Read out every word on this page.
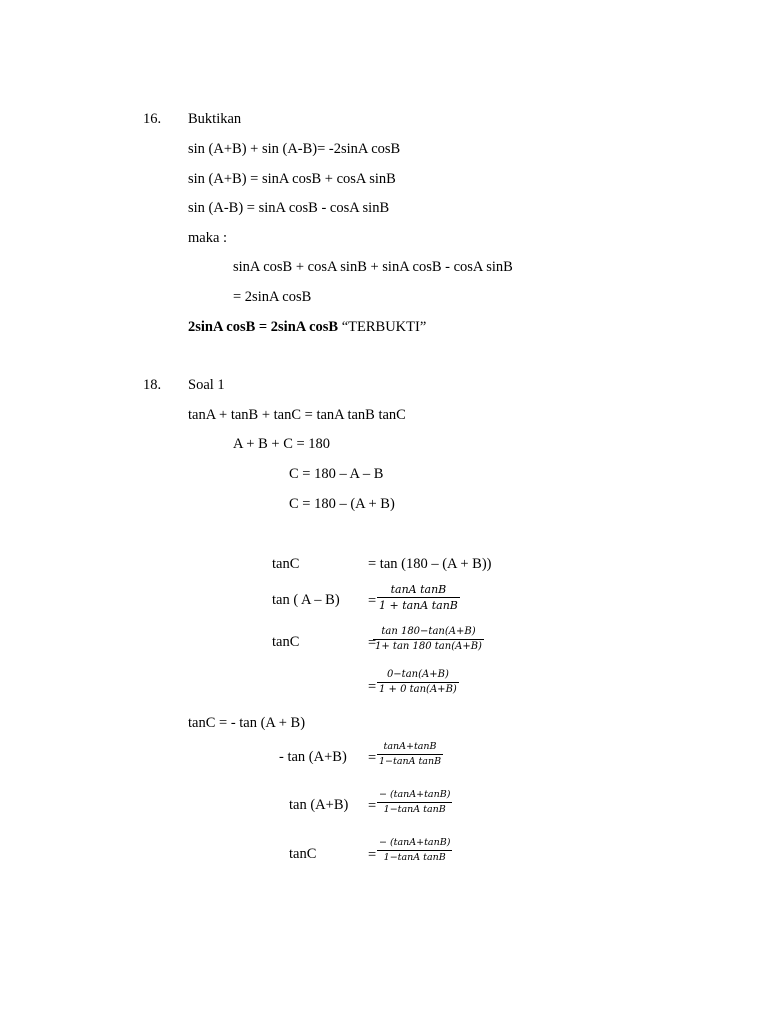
16. Buktikan
sin (A+B) + sin (A-B)= -2sinA cosB
sin (A+B) = sinA cosB + cosA sinB
sin (A-B) = sinA cosB - cosA sinB
maka :
sinA cosB + cosA sinB + sinA cosB - cosA sinB
= 2sinA cosB
2sinA cosB = 2sinA cosB “TERBUKTI”
18. Soal 1
tanA + tanB + tanC = tanA tanB tanC
A + B + C = 180
C = 180 – A – B
C = 180 – (A + B)
tanC	= tan (180 – (A + B))
tan ( A – B) =
tanA tanB
1 + tanA tanB
tanC	=
tan 180−tan(A+B)
1+ tan 180 tan(A+B)
=
0−tan(A+B)
1 + 0 tan(A+B)
tanC = - tan (A + B)
- tan (A+B) =
tanA+tanB
1−tanA tanB
tan (A+B) =
− (tanA+tanB)
1−tanA tanB
tanC	=
− (tanA+tanB)
1−tanA tanB
